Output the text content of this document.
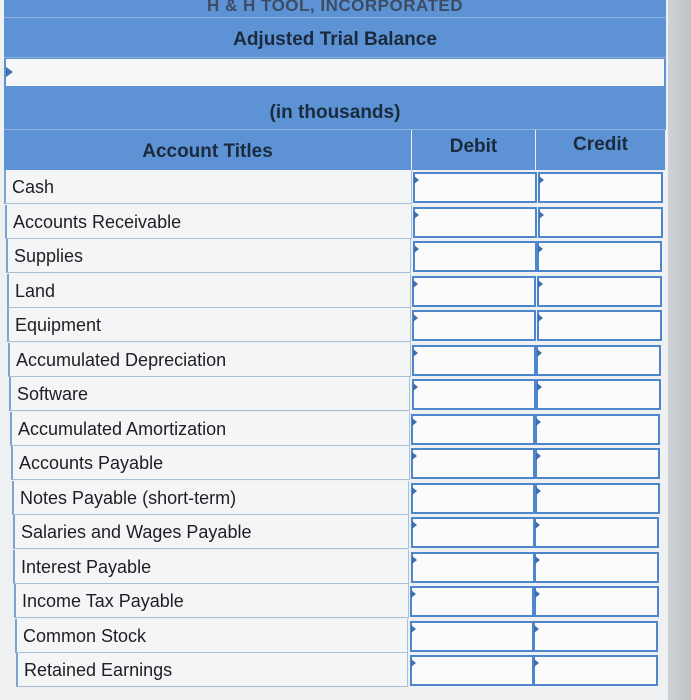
H & H TOOL, INCORPORATED
Adjusted Trial Balance
(in thousands)
Account Titles	Debit	Credit
Cash
Accounts Receivable
Supplies
Land
Equipment
Accumulated Depreciation
Software
Accumulated Amortization
Accounts Payable
Notes Payable (short-term)
Salaries and Wages Payable
Interest Payable
Income Tax Payable
Common Stock
Retained Earnings
